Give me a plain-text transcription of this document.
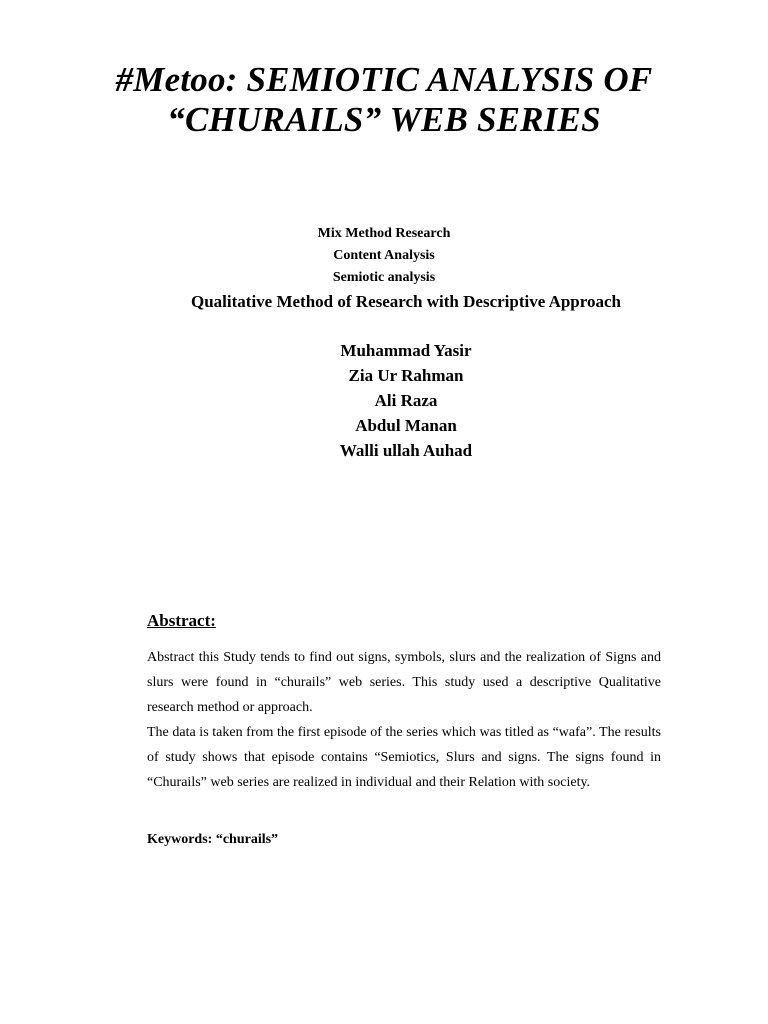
#Metoo: SEMIOTIC ANALYSIS OF
“CHURAILS” WEB SERIES
Mix Method Research
Content Analysis
Semiotic analysis
Qualitative Method of Research with Descriptive Approach
Muhammad Yasir
Zia Ur Rahman
Ali Raza
Abdul Manan
Walli ullah Auhad
Abstract:

Abstract this Study tends to find out signs, symbols, slurs and the realization of Signs and slurs were found in “churails” web series. This study used a descriptive Qualitative research method or approach.

The data is taken from the first episode of the series which was titled as “wafa”. The results of study shows that episode contains “Semiotics, Slurs and signs. The signs found in “Churails” web series are realized in individual and their Relation with society.

Keywords: “churails”
